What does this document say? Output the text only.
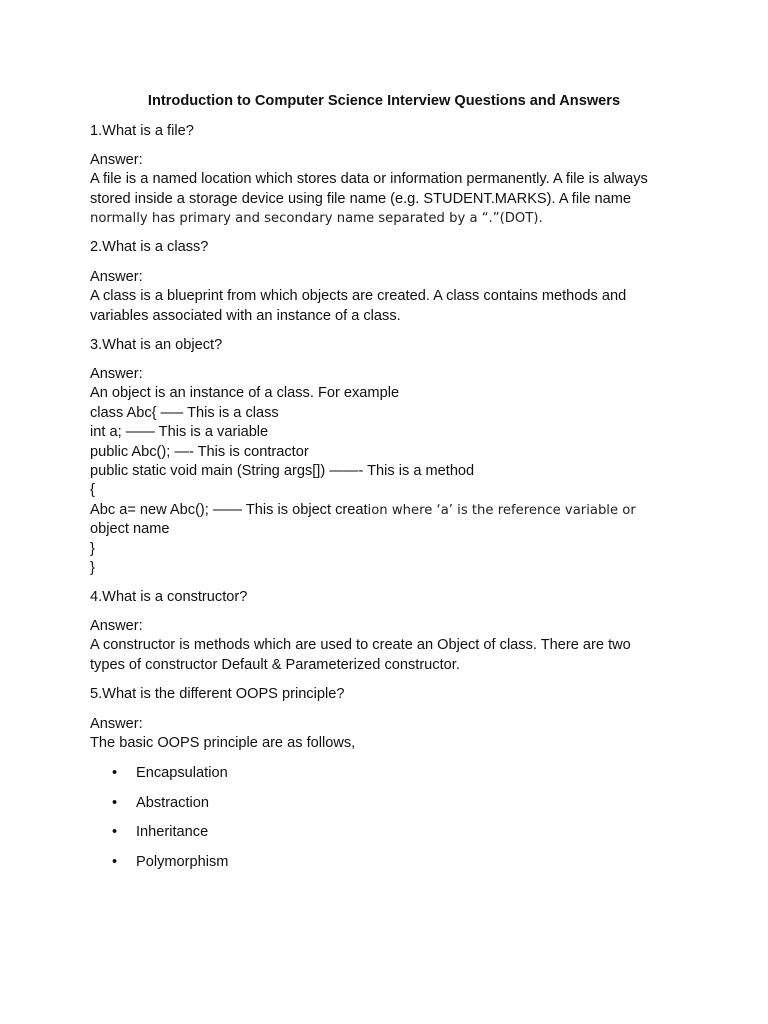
Introduction to Computer Science Interview Questions and Answers
1.What is a file?
Answer:
A file is a named location which stores data or information permanently. A file is always
stored inside a storage device using file name (e.g. STUDENT.MARKS). A file name
normally has primary and secondary name separated by a “.”(DOT).
2.What is a class?
Answer:
A class is a blueprint from which objects are created. A class contains methods and
variables associated with an instance of a class.
3.What is an object?
Answer:
An object is an instance of a class. For example
class Abc{ —– This is a class
int a; —— This is a variable
public Abc(); —- This is contractor
public static void main (String args[]) ——- This is a method
{
Abc a= new Abc(); —— This is object creation where ‘a’ is the reference variable or
object name
}
}
4.What is a constructor?
Answer:
A constructor is methods which are used to create an Object of class. There are two
types of constructor Default & Parameterized constructor.
5.What is the different OOPS principle?
Answer:
The basic OOPS principle are as follows,
• Encapsulation
• Abstraction
• Inheritance
• Polymorphism
